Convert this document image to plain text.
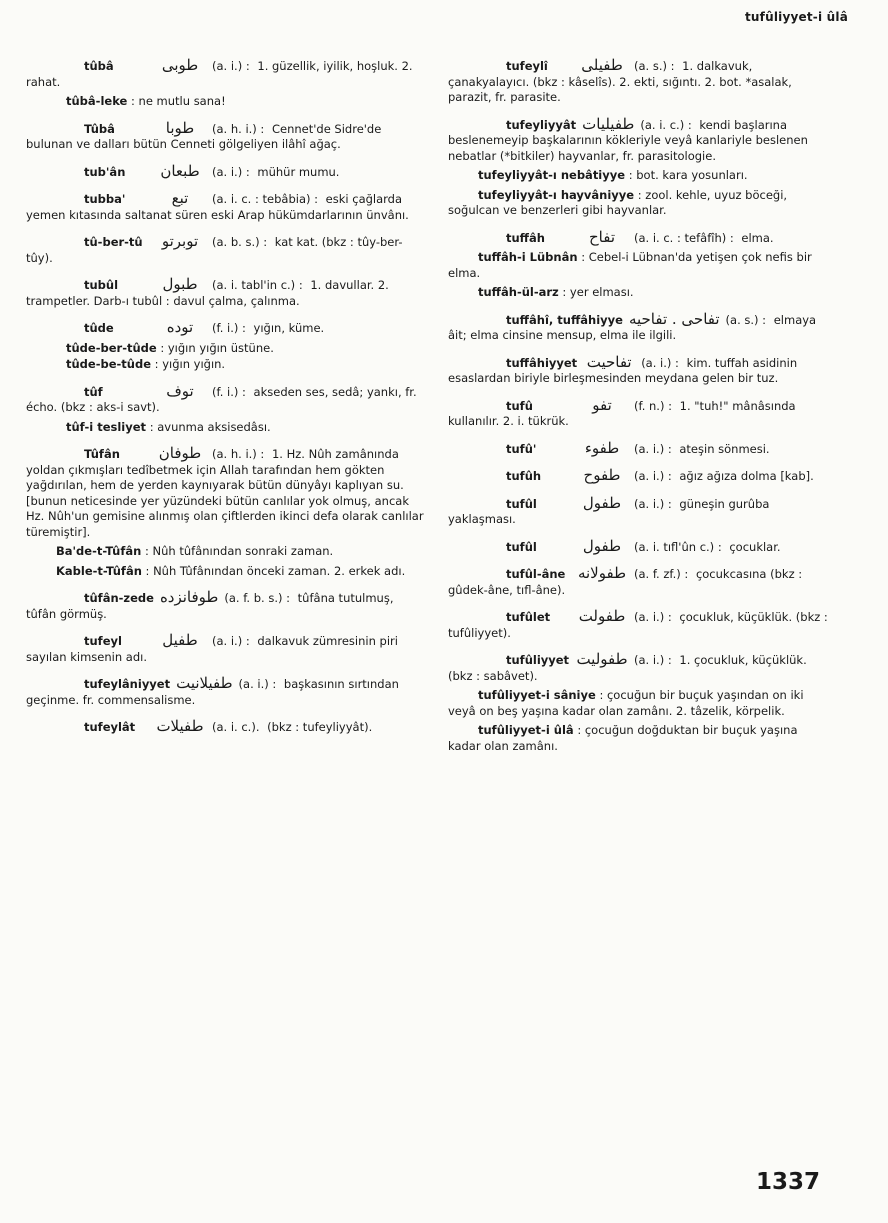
tufûliyyet-i ûlâ
tûbâ	طوبى (a. i.) : 1. güzellik, iyilik, hoşluk. 2. rahat.
tûbâ-leke : ne mutlu sana!
Tûbâ	طوبا (a. h. i.) : Cennet'de Sidre'de bulunan ve dalları bütün Cenneti gölgeliyen ilâhî ağaç.
tub'ân طبعان (a. i.) : mühür mumu.
tubba'	تبع (a. i. c. : tebâbia) : eski çağlarda yemen kıtasında saltanat süren eski Arap hükümdarlarının ünvânı.
tû-ber-tû توبرتو (a. b. s.) : kat kat. (bkz : tûy-ber-tûy).
tubûl	طبول (a. i. tabl'in c.) : 1. davullar. 2. trampetler. Darb-ı tubûl : davul çalma, çalınma.
tûde	توده (f. i.) : yığın, küme.
tûde-ber-tûde : yığın yığın üstüne.
tûde-be-tûde : yığın yığın.
tûf	توف (f. i.) : akseden ses, sedâ; yankı, fr. écho. (bkz : aks-i savt).
tûf-i tesliyet : avunma aksisedâsı.
Tûfân	طوفان (a. h. i.) : 1. Hz. Nûh zamânında yoldan çıkmışları tedîbetmek için Allah tarafından hem gökten yağdırılan, hem de yerden kaynıyarak bütün dünyâyı kaplıyan su. [bunun neticesinde yer yüzündeki bütün canlılar yok olmuş, ancak Hz. Nûh'un gemisine alınmış olan çiftlerden ikinci defa olarak canlılar türemiştir].
Ba'de-t-Tûfân : Nûh tûfânından sonraki zaman.
Kable-t-Tûfân : Nûh Tûfânından önceki zaman. 2. erkek adı.
tûfân-zede طوفانزده (a. f. b. s.) : tûfâna tutulmuş, tûfân görmüş.
tufeyl	طفيل (a. i.) : dalkavuk zümresinin piri sayılan kimsenin adı.
tufeylâniyyet طفيلانيت (a. i.) : başkasının sırtından geçinme. fr. commensalisme.
tufeylât طفيلات (a. i. c.). (bkz : tufeyliyyât).
tufeylî طفيلى (a. s.) : 1. dalkavuk, çanakyalayıcı. (bkz : kâselîs). 2. ekti, sığıntı. 2. bot. *asalak, parazit, fr. parasite.
tufeyliyyât طفيليات (a. i. c.) : kendi başlarına beslenemeyip başkalarının kökleriyle veyâ kanlariyle beslenen nebatlar (*bitkiler) hayvanlar, fr. parasitologie.
tufeyliyyât-ı nebâtiyye : bot. kara yosunları.
tufeyliyyât-ı hayvâniyye : zool. kehle, uyuz böceği, soğulcan ve benzerleri gibi hayvanlar.
tuffâh	تفاح (a. i. c. : tefâfîh) : elma.
tuffâh-i Lübnân : Cebel-i Lübnan'da yetişen çok nefis bir elma.
tuffâh-ül-arz : yer elması.
tuffâhî, tuffâhiyye تفاحى . تفاحيه (a. s.) : elmaya âit; elma cinsine mensup, elma ile ilgili.
tuffâhiyyet تفاحيت (a. i.) : kim. tuffah asidinin esaslardan biriyle birleşmesinden meydana gelen bir tuz.
tufû	تفو (f. n.) : 1. "tuh!" mânâsında kullanılır. 2. i. tükrük.
tufû'	طفوء (a. i.) : ateşin sönmesi.
tufûh	طفوح (a. i.) : ağız ağıza dolma [kab].
tufûl	طفول (a. i.) : güneşin gurûba yaklaşması.
tufûl	طفول (a. i. tıfl'ûn c.) : çocuklar.
tufûl-âne طفولانه (a. f. zf.) : çocukcasına (bkz : gûdek-âne, tıfl-âne).
tufûlet طفولت (a. i.) : çocukluk, küçüklük. (bkz : tufûliyyet).
tufûliyyet طفوليت (a. i.) : 1. çocukluk, küçüklük. (bkz : sabâvet).
tufûliyyet-i sâniye : çocuğun bir buçuk yaşından on iki veyâ on beş yaşına kadar olan zamânı. 2. tâzelik, körpelik.
tufûliyyet-i ûlâ : çocuğun doğduktan bir buçuk yaşına kadar olan zamânı.
1337
